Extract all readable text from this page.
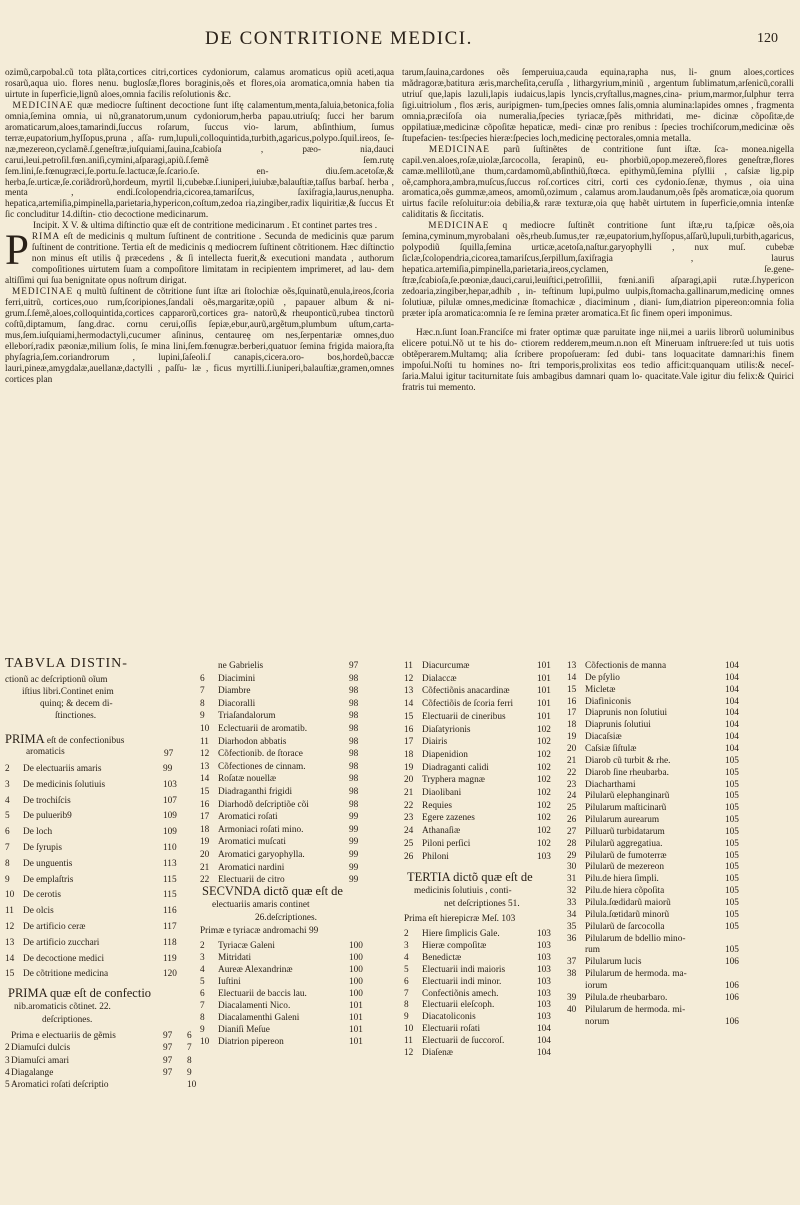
DE CONTRITIONE MEDICI.	120

ozimũ,carpobal.cũ tota plãta,cortices citri,cortices cydoniorum, calamus aromaticus opiũ aceti,aqua rosarũ,aqua uio. flores nenu. buglosſæ,flores boraginis,oẽs et flores,oia aromatica,omnia haben tia uirtute in ſuperficie,lignũ aloes,omnia facilis reſolutionis &c.

MEDICINAE quæ mediocre ſuſtinent decoctione ſunt iſtę calamentum,menta,ſaluia,betonica,folia omnia,ſemina omnia, ui nũ,granatorum,unum cydoniorum,herba papau.utriuſq; ſucci her barum aromaticarum,aloes,tamarindi,ſuccus roſarum, ſuccus vio- larum, abſinthium, ſumus terræ,eupatorium,hyſſopus,pruna , aſſa- rum,lupuli,colloquintida,turbith,agaricus,polypo.ſquil.ireos, ſe- næ,mezereon,cyclamẽ.ſ.geneſtræ,iuſquiami,ſauina,ſcabioſa , pæo- nia,dauci carui,leui.petroſil.fœn.aniſi,cymini,aſparagi,apiũ.ſ.ſemẽ ſem.rutę ſem.lini,ſe.fœnugræci,ſe.portu.ſe.lactucæ,ſe.ſcario.ſe. en- diu.ſem.acetoſæ,& herba,ſe.urticæ,ſe.coriãdrorũ,hordeum, myrtil li,cubebæ.ſ.iuniperi,iuiubæ,balauſtiæ,taſſus barbaſ. herba , menta , endi.ſcolopendria,cicorea,tamariſcus, ſaxiſragia,laurus,nenupha. hepatica,artemiſia,pimpinella,parietaria,hypericon,coſtum,zedoa ria,zingiber,radix liquiritiæ,& ſuccus Et ſic concluditur 14.diſtin- ctio decoctione medicinarum.

Incipit. X V. & ultima diſtinctio quæ eſt de contritione medicinarum . Et continet partes tres .

PRIMA eſt de medicinis q multum ſuſtinent de contritione . Secunda de medicinis quæ parum ſuſtinent de contritione. Tertia eſt de medicinis q mediocrem ſuſtinent cõtritionem. Hæc diſtinctio non minus eſt utilis q̃ præcedens , & ſi intellecta fuerit,& executioni mandata , authorum compoſitiones uirtutem ſuam a compoſitore limitatam in recipientem imprimeret, ad lau- dem altiſſimi qui ſua benignitate opus noſtrum dirigat.

MEDICINAE q multũ ſuſtinent de cõtritione ſunt iſtæ ari ſtolochiæ oẽs,ſquinatũ,enula,ireos,ſcoria ferri,uitrũ, cortices,ouo rum,ſcoripiones,ſandali oẽs,margaritæ,opiũ , papauer album & ni- grum.ſ.ſemẽ,aloes,colloquintida,cortices capparorũ,cortices gra- natorũ,& rheuponticũ,rubea tinctorũ coſtũ,diptamum, ſang.drac. cornu cerui,oſſis ſepiæ,ebur,aurũ,argẽtum,plumbum uſtum,carta- mus,ſem.iuſquiami,hermodactyli,cucumer aſininus, centaureę om nes,ſerpentariæ omnes,duo elleborí,radix pæoniæ,milium ſolis, ſe mina lini,ſem.fœnugræ.berberi,quatuor ſemina frigida maiora,ſta phyſagria,ſem.coriandrorum , lupini,ſaſeoli.ſ canapis,cicera.oro- bos,hordeũ,baccæ lauri,pineæ,amygdalæ,auellanæ,dactylli , paſſu- læ , ficus myrtilli.ſ.iuniperi,balauſtiæ,gramen,omnes cortices plan

tarum,ſauina,cardones oẽs ſemperuiua,cauda equina,rapha nus, li- gnum aloes,cortices mãdragoræ,batitura æris,marcheſita,ceruſſa , lithargyrium,miniũ , argentum ſublimatum,arſenicũ,coralli utriuſ que,lapis lazuli,lapis iudaicus,lapis lyncis,cryſtallus,magnes,cina- prium,marmor,ſulphur terra ſigi.uitriolum , flos æris, auripigmen- tum,ſpecies omnes ſalis,omnia alumina:lapides omnes , fragmenta omnia,præciſoſa oia numeralia,ſpecies tyriacæ,ſpẽs mithridati, me- dicinæ cõpoſitæ,de oppilatiuæ,medicinæ cõpoſitæ hepaticæ, medi- cinæ pro renibus : ſpecies trochiſcorum,medicinæ oẽs ſtupefacien- tes:ſpecies hieræ:ſpecies loch,medicinę pectorales,omnia metalla.

MEDICINAE parũ ſuſtinẽtes de contritione ſunt iſtæ. ſca- monea.nigella capil.ven.aloes,roſæ,uiolæ,ſarcocolla, ſerapinũ, eu- phorbiũ,opop.mezereõ,flores geneſtræ,flores camæ.mellilotũ,ane thum,cardamomũ,abſinthiũ,ſtœca. epithymũ,ſemina pſyllii , caſsiæ lig.pip oẽ,camphora,ambra,muſcus,ſuccus roſ.cortices citri, corti ces cydonio.ſenæ, thymus , oia uina aromatica,oẽs gummæ,ameos, amomũ,ozimum , calamus arom.laudanum,oẽs ſpẽs aromaticæ,oia quorum uirtus facile reſoluitur:oia debilia,& raræ texturæ,oia quę habẽt uirtutem in ſuperficie,omnia intenſæ caliditatis & ſiccitatis.

MEDICINAE q mediocre ſuſtinẽt contritione ſunt iſtæ,ru ta,ſpicæ oẽs,oia ſemina,cyminum,myrobalani oẽs,rheub.ſumus,ter ræ,eupatorium,hyſſopus,aſſarũ,lupuli,turbith,agaricus, polypodiũ ſquilla,ſemina urticæ,acetoſa,naſtur.garyophylli , nux muſ. cubebæ ſiclæ,ſcolopendria,cicorea,tamariſcus,ſerpillum,ſaxiſragia , laurus hepatica.artemiſia,pimpinella,parietaria,ireos,cyclamen, ſe.gene- ſtræ,ſcabioſa,ſe.pœoniæ,dauci,carui,leuiſtici,petroſillii, fœni.aniſi aſparagi,apii rutæ.ſ.hypericon zedoaria,zingiber,hepar,adhib , in- teſtinum lupi,pulmo uulpis,ſtomacha.gallinarum,medicinę omnes ſolutiuæ, pilulæ omnes,medicinæ ſtomachicæ , diaciminum , diani- ſum,diatrion pipereon:omnia folia præter ipſa aromatica:omnia ſe re ſemina præter aromatica.Et ſic finem operi imponimus.

Hæc.n.ſunt Ioan.Franciſce mi frater optimæ quæ paruitate inge nii,mei a uariis librorũ uoluminibus elicere potui.Nõ ut te his do- ctiorem redderem,meum.n.non eſt Mineruam inſtruere:ſed ut tuis uotis obtẽperarem.Multamq; alia ſcribere propoſueram: ſed dubi- tans loquacitate damnari:his finem impoſui.Noſti tu homines no- ſtri temporis,prolixitas eos tedio afficit:quanquam utilis:& neceſ- ſaria.Malui igitur taciturnitate ſuis ambagibus damnari quam lo- quacitate.Vale igitur diu felix:& Quirici fratris tui memento.

TABVLA DISTIN-
ctionũ ac deſcriptionũ oĩum
iſtius libri.Continet enim
quinq; & decem di-
ſtinctiones.
PRIMA eſt de confectionibus
aromaticis	97
2 De electuariis amaris	99
3 De medicinis ſolutiuis	103
4 De trochiſcis	107
5 De puluerib9	109
6 De loch	109
7 De ſyrupis	110
8 De unguentis	113
9 De emplaſtris	115
10 De cerotis	115
11 De olcis	116
12 De artificio ceræ	117
13 De artificio zucchari	118
14 De decoctione medici	119
15 De cõtritione medicina	120
PRIMA quæ eſt de confectio
nib.aromaticis cõtinet. 22.
deſcriptiones.
Prima e electuariis de gẽmis	97 6
2 Diamuſci dulcis	97 7
3 Diamuſci amari	97 8
4 Diagalange	97 9
5 Aromatici roſati deſcriptio	10
ne Gabrielis	97
6 Diacimini	98
7 Diambre	98
8 Diacoralli	98
9 Triaſandalorum	98
10 Eclectuarii de aromatib.	98
11 Diarhodon abbatis	98
12 Cõfectionib. de ſtorace	98
13 Cõfectiones de cinnam.	98
14 Roſatæ nouellæ	98
15 Diadraganthi frigidi	98
16 Diarhodõ deſcriptiõe cõi	98
17 Aromatici roſati	99
18 Armoniaci roſati mino.	99
19 Aromatici muſcati	99
20 Aromatici garyophylla.	99
21 Aromatici nardini	99
22 Electuarii de citro	99
SECVNDA dictõ quæ eſt de
electuariis amaris continet
26.deſcriptiones.
Primæ e tyriacæ andromachi 99
2 Tyriacæ Galeni	100
3 Mitridati	100
4 Aureæ Alexandrinæ	100
5 Iuſtini	100
6 Electuarii de baccis lau.	100
7 Diacalamenti Nico.	101
8 Diacalamenthi Galeni	101
9 Dianiſi Meſue	101
10 Diatrion pipereon	101
11 Diacurcumæ	101
12 Dialaccæ	101
13 Cõfectiõnis anacardinæ	101
14 Cõfectiõis de ſcoria ferri	101
15 Electuarii de cineribus	101
16 Diaſatyrionis	102
17 Diairis	102
18 Diapenidion	102
19 Diadraganti calidi	102
20 Tryphera magnæ	102
21 Diaolibani	102
22 Requies	102
23 Egere zazenes	102
24 Athanaſiæ	102
25 Piloni perſici	102
26 Philoni	103
TERTIA dictõ quæ eſt de
medicinis ſolutiuis , conti-
net deſcriptiones 51.
Prima eſt hierepicræ Meſ. 103
2 Hiere ſimplicis Gale.	103
3 Hieræ compoſitæ	103
4 Benedictæ	103
5 Electuarii indi maioris	103
6 Electuarii indi minor.	103
7 Confectiõnis amech.	103
8 Electuarii eleſcoph.	103
9 Diacatoliconis	103
10 Electuarii roſati	104
11 Electuarii de ſuccoroſ.	104
12 Diaſenæ	104
13 Cõfectionis de manna	104
14 De pſylio	104
15 Micletæ	104
16 Diafiniconis	104
17 Diaprunis non ſolutiui	104
18 Diaprunis ſolutiui	104
19 Diacaſsiæ	104
20 Caſsiæ ſiſtulæ	104
21 Diarob cũ turbit & rhe.	105
22 Diarob ſine rheubarba.	105
23 Diacharthami	105
24 Pilularũ elephanginarũ	105
25 Pilularum maſticinarũ	105
26 Pilularum aurearum	105
27 Pilluarũ turbidatarum	105
28 Pilularũ aggregatiua.	105
29 Pilularũ de fumoterræ	105
30 Pilularũ de mezereon	105
31 Pilu.de hiera ſimpli.	105
32 Pilu.de hiera cõpoſita	105
33 Pilula.ſœdidarũ maiorũ	105
34 Pilula.ſœtidarũ minorũ	105
35 Pilularũ de ſarcocolla	105
36 Pilularum de bdellio mino-
rum	105
37 Pilularum lucis	106
38 Pilularum de hermoda. ma-
iorum	106
39 Pilula.de rheubarbaro.	106
40 Pilularum de hermoda. mi-
norum	106
